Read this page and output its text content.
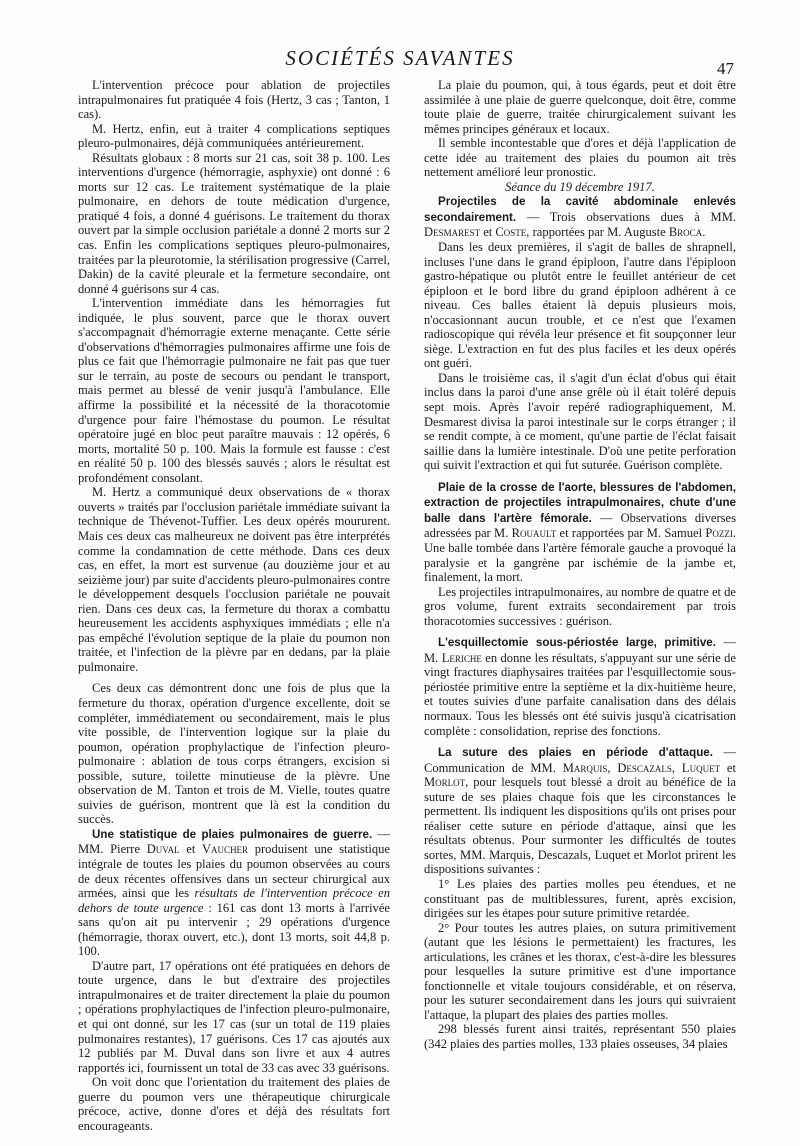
SOCIÉTÉS SAVANTES	47

L'intervention précoce pour ablation de projectiles intrapulmonaires fut pratiquée 4 fois (Hertz, 3 cas ; Tanton, 1 cas).

M. Hertz, enfin, eut à traiter 4 complications septiques pleuro-pulmonaires, déjà communiquées antérieurement.

Résultats globaux : 8 morts sur 21 cas, soit 38 p. 100. Les interventions d'urgence (hémorragie, asphyxie) ont donné : 6 morts sur 12 cas. Le traitement systématique de la plaie pulmonaire, en dehors de toute médication d'urgence, pratiqué 4 fois, a donné 4 guérisons. Le traitement du thorax ouvert par la simple occlusion pariétale a donné 2 morts sur 2 cas. Enfin les complications septiques pleuro-pulmonaires, traitées par la pleurotomie, la stérilisation progressive (Carrel, Dakin) de la cavité pleurale et la fermeture secondaire, ont donné 4 guérisons sur 4 cas.

L'intervention immédiate dans les hémorragies fut indiquée, le plus souvent, parce que le thorax ouvert s'accompagnait d'hémorragie externe menaçante. Cette série d'observations d'hémorragies pulmonaires affirme une fois de plus ce fait que l'hémorragie pulmonaire ne fait pas que tuer sur le terrain, au poste de secours ou pendant le transport, mais permet au blessé de venir jusqu'à l'ambulance. Elle affirme la possibilité et la nécessité de la thoracotomie d'urgence pour faire l'hémostase du poumon. Le résultat opératoire jugé en bloc peut paraître mauvais : 12 opérés, 6 morts, mortalité 50 p. 100. Mais la formule est fausse : c'est en réalité 50 p. 100 des blessés sauvés ; alors le résultat est profondément consolant.

M. Hertz a communiqué deux observations de « thorax ouverts » traités par l'occlusion pariétale immédiate suivant la technique de Thévenot-Tuffier. Les deux opérés moururent. Mais ces deux cas malheureux ne doivent pas être interprétés comme la condamnation de cette méthode. Dans ces deux cas, en effet, la mort est survenue (au douzième jour et au seizième jour) par suite d'accidents pleuro-pulmonaires contre le développement desquels l'occlusion pariétale ne pouvait rien. Dans ces deux cas, la fermeture du thorax a combattu heureusement les accidents asphyxiques immédiats ; elle n'a pas empêché l'évolution septique de la plaie du poumon non traitée, et l'infection de la plèvre par en dedans, par la plaie pulmonaire.

Ces deux cas démontrent donc une fois de plus que la fermeture du thorax, opération d'urgence excellente, doit se compléter, immédiatement ou secondairement, mais le plus vite possible, de l'intervention logique sur la plaie du poumon, opération prophylactique de l'infection pleuro-pulmonaire : ablation de tous corps étrangers, excision si possible, suture, toilette minutieuse de la plèvre. Une observation de M. Tanton et trois de M. Vielle, toutes quatre suivies de guérison, montrent que là est la condition du succès.

Une statistique de plaies pulmonaires de guerre. — MM. Pierre Duval et Vaucher produisent une statistique intégrale de toutes les plaies du poumon observées au cours de deux récentes offensives dans un secteur chirurgical aux armées, ainsi que les résultats de l'intervention précoce en dehors de toute urgence : 161 cas dont 13 morts à l'arrivée sans qu'on ait pu intervenir ; 29 opérations d'urgence (hémorragie, thorax ouvert, etc.), dont 13 morts, soit 44,8 p. 100.

D'autre part, 17 opérations ont été pratiquées en dehors de toute urgence, dans le but d'extraire des projectiles intrapulmonaires et de traiter directement la plaie du poumon ; opérations prophylactiques de l'infection pleuro-pulmonaire, et qui ont donné, sur les 17 cas (sur un total de 119 plaies pulmonaires restantes), 17 guérisons. Ces 17 cas ajoutés aux 12 publiés par M. Duval dans son livre et aux 4 autres rapportés ici, fournissent un total de 33 cas avec 33 guérisons.

On voit donc que l'orientation du traitement des plaies de guerre du poumon vers une thérapeutique chirurgicale précoce, active, donne d'ores et déjà des résultats fort encourageants.

La plaie du poumon, qui, à tous égards, peut et doit être assimilée à une plaie de guerre quelconque, doit être, comme toute plaie de guerre, traitée chirurgicalement suivant les mêmes principes généraux et locaux.

Il semble incontestable que d'ores et déjà l'application de cette idée au traitement des plaies du poumon ait très nettement amélioré leur pronostic.

Séance du 19 décembre 1917.

Projectiles de la cavité abdominale enlevés secondairement. — Trois observations dues à MM. Desmarest et Coste, rapportées par M. Auguste Broca.

Dans les deux premières, il s'agit de balles de shrapnell, incluses l'une dans le grand épiploon, l'autre dans l'épiploon gastro-hépatique ou plutôt entre le feuillet antérieur de cet épiploon et le bord libre du grand épiploon adhérent à ce niveau. Ces balles étaient là depuis plusieurs mois, n'occasionnant aucun trouble, et ce n'est que l'examen radioscopique qui révéla leur présence et fit soupçonner leur siège. L'extraction en fut des plus faciles et les deux opérés ont guéri.

Dans le troisième cas, il s'agit d'un éclat d'obus qui était inclus dans la paroi d'une anse grêle où il était toléré depuis sept mois. Après l'avoir repéré radiographiquement, M. Desmarest divisa la paroi intestinale sur le corps étranger ; il se rendit compte, à ce moment, qu'une partie de l'éclat faisait saillie dans la lumière intestinale. D'où une petite perforation qui suivit l'extraction et qui fut suturée. Guérison complète.

Plaie de la crosse de l'aorte, blessures de l'abdomen, extraction de projectiles intrapulmonaires, chute d'une balle dans l'artère fémorale. — Observations diverses adressées par M. Rouault et rapportées par M. Samuel Pozzi. Une balle tombée dans l'artère fémorale gauche a provoqué la paralysie et la gangrène par ischémie de la jambe et, finalement, la mort.

Les projectiles intrapulmonaires, au nombre de quatre et de gros volume, furent extraits secondairement par trois thoracotomies successives : guérison.

L'esquillectomie sous-périostée large, primitive. — M. Leriche en donne les résultats, s'appuyant sur une série de vingt fractures diaphysaires traitées par l'esquillectomie sous-périostée primitive entre la septième et la dix-huitième heure, et toutes suivies d'une parfaite canalisation dans des délais normaux. Tous les blessés ont été suivis jusqu'à cicatrisation complète : consolidation, reprise des fonctions.

La suture des plaies en période d'attaque. — Communication de MM. Marquis, Descazals, Luquet et Morlot, pour lesquels tout blessé a droit au bénéfice de la suture de ses plaies chaque fois que les circonstances le permettent. Ils indiquent les dispositions qu'ils ont prises pour réaliser cette suture en période d'attaque, ainsi que les résultats obtenus. Pour surmonter les difficultés de toutes sortes, MM. Marquis, Descazals, Luquet et Morlot prirent les dispositions suivantes :

1° Les plaies des parties molles peu étendues, et ne constituant pas de multiblessures, furent, après excision, dirigées sur les étapes pour suture primitive retardée.

2° Pour toutes les autres plaies, on sutura primitivement (autant que les lésions le permettaient) les fractures, les articulations, les crânes et les thorax, c'est-à-dire les blessures pour lesquelles la suture primitive est d'une importance fonctionnelle et vitale toujours considérable, et on réserva, pour les suturer secondairement dans les jours qui suivraient l'attaque, la plupart des plaies des parties molles.

298 blessés furent ainsi traités, représentant 550 plaies (342 plaies des parties molles, 133 plaies osseuses, 34 plaies
